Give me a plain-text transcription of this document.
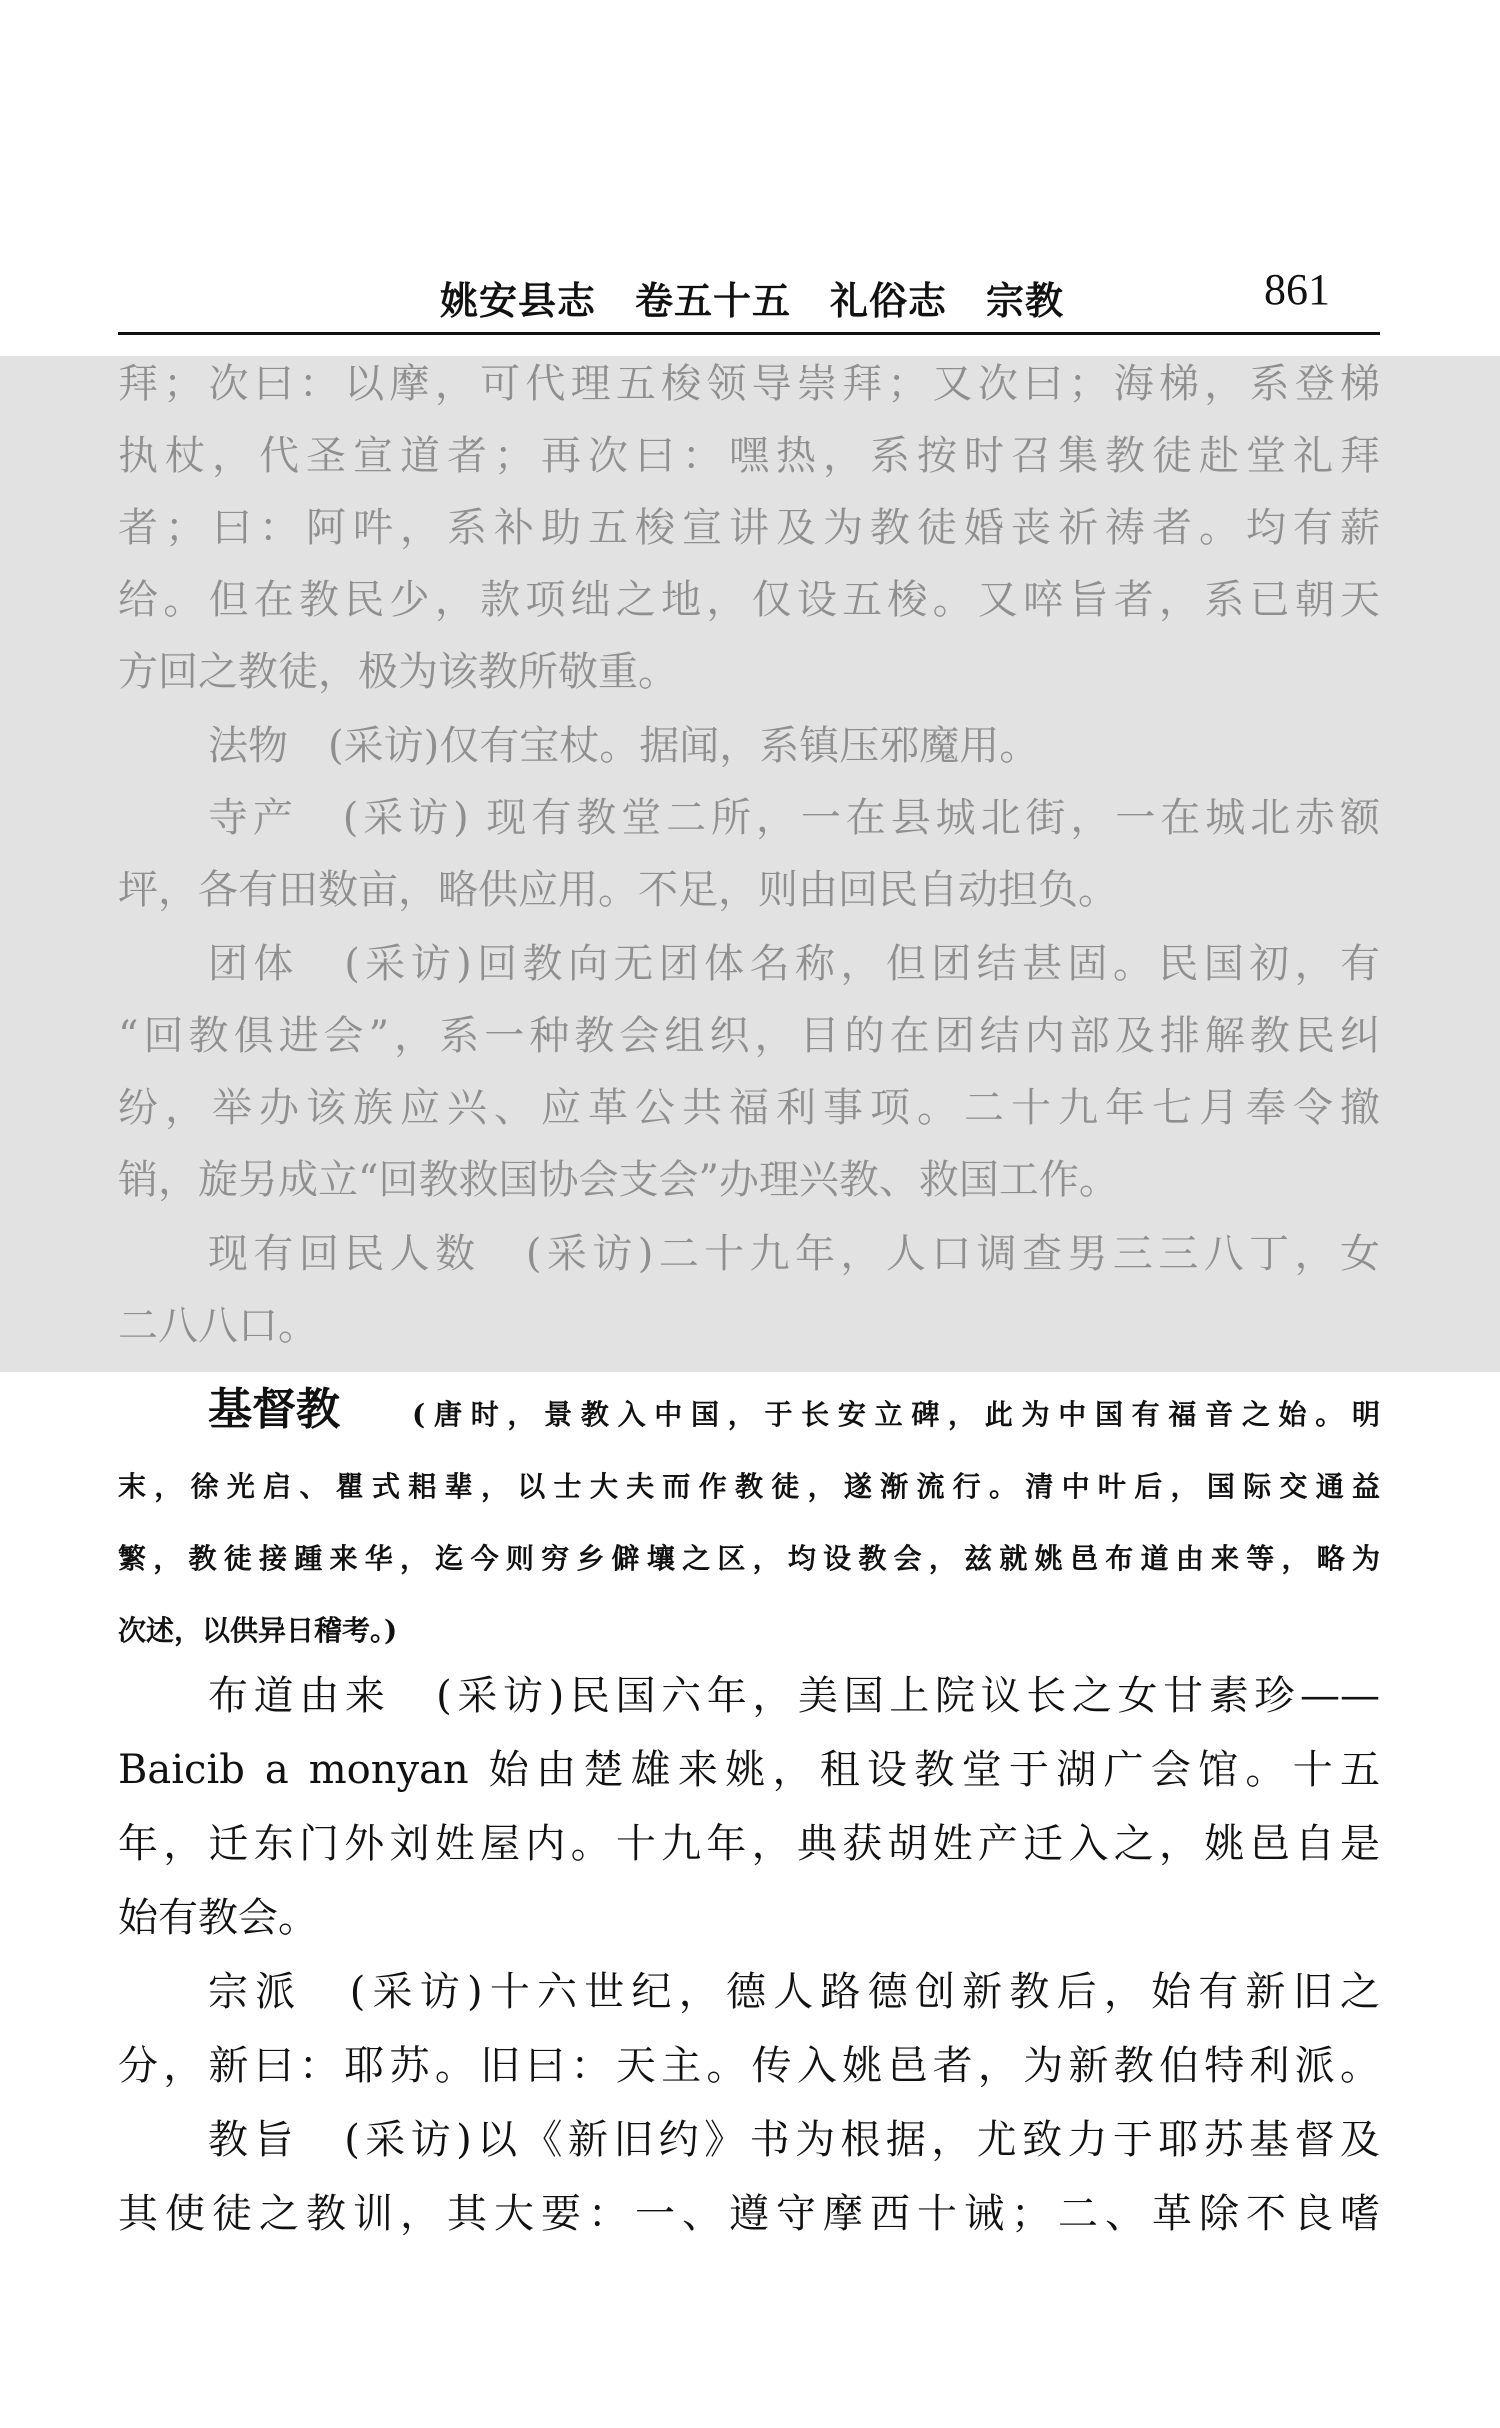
姚安县志　卷五十五　礼俗志　宗教	861
拜；次曰：以摩，可代理五梭领导崇拜；又次曰；海梯，系登梯
执杖，代圣宣道者；再次曰：嘿热，系按时召集教徒赴堂礼拜
者；曰：阿吽，系补助五梭宣讲及为教徒婚丧祈祷者。均有薪
给。但在教民少，款项绌之地，仅设五梭。又啐旨者，系已朝天
方回之教徒，极为该教所敬重。
法物　(采访)仅有宝杖。据闻，系镇压邪魔用。
寺产　(采访) 现有教堂二所，一在县城北街，一在城北赤额
坪，各有田数亩，略供应用。不足，则由回民自动担负。
团体　(采访)回教向无团体名称，但团结甚固。民国初，有
“回教俱进会”，系一种教会组织，目的在团结内部及排解教民纠
纷，举办该族应兴、应革公共福利事项。二十九年七月奉令撤
销，旋另成立“回教救国协会支会”办理兴教、救国工作。
现有回民人数　(采访)二十九年，人口调查男三三八丁，女
二八八口。
基督教	(唐时，景教入中国，于长安立碑，此为中国有福音之始。明
末，徐光启、瞿式耜辈，以士大夫而作教徒，遂渐流行。清中叶后，国际交通益
繁，教徒接踵来华，迄今则穷乡僻壤之区，均设教会，兹就姚邑布道由来等，略为
次述，以供异日稽考。)
布道由来　(采访)民国六年，美国上院议长之女甘素珍——
Baicib a monyan 始由楚雄来姚，租设教堂于湖广会馆。十五
年，迁东门外刘姓屋内。十九年，典获胡姓产迁入之，姚邑自是
始有教会。
宗派　(采访)十六世纪，德人路德创新教后，始有新旧之
分，新曰：耶苏。旧曰：天主。传入姚邑者，为新教伯特利派。
教旨　(采访)以《新旧约》书为根据，尤致力于耶苏基督及
其使徒之教训，其大要：一、遵守摩西十诫；二、革除不良嗜
